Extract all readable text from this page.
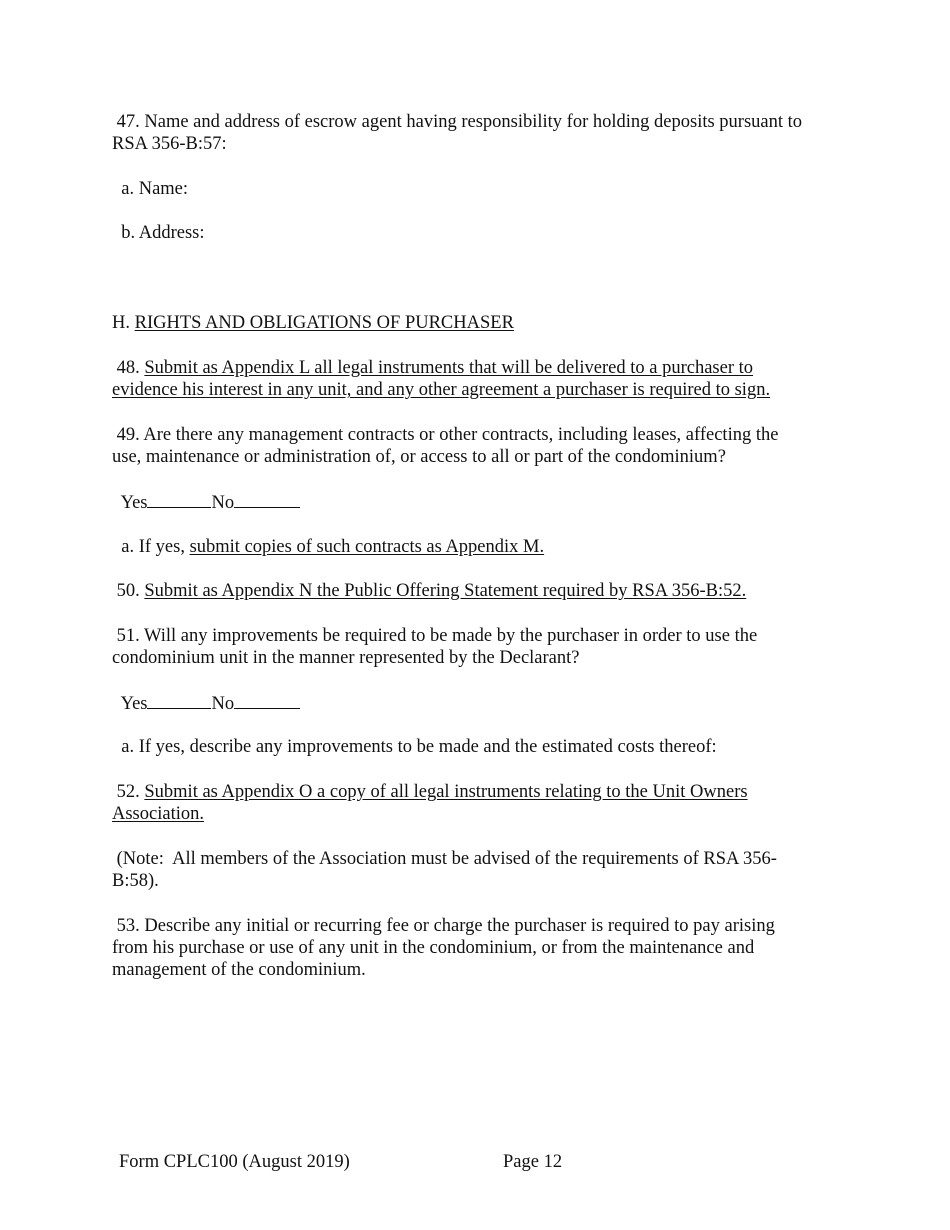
47. Name and address of escrow agent having responsibility for holding deposits pursuant to
RSA 356-B:57:
a. Name:
b. Address:
H. RIGHTS AND OBLIGATIONS OF PURCHASER
48. Submit as Appendix L all legal instruments that will be delivered to a purchaser to
evidence his interest in any unit, and any other agreement a purchaser is required to sign.
49. Are there any management contracts or other contracts, including leases, affecting the
use, maintenance or administration of, or access to all or part of the condominium?
Yes	No
a. If yes, submit copies of such contracts as Appendix M.
50. Submit as Appendix N the Public Offering Statement required by RSA 356-B:52.
51. Will any improvements be required to be made by the purchaser in order to use the
condominium unit in the manner represented by the Declarant?
Yes	No
a. If yes, describe any improvements to be made and the estimated costs thereof:
52. Submit as Appendix O a copy of all legal instruments relating to the Unit Owners
Association.
(Note:  All members of the Association must be advised of the requirements of RSA 356-
B:58).
53. Describe any initial or recurring fee or charge the purchaser is required to pay arising
from his purchase or use of any unit in the condominium, or from the maintenance and
management of the condominium.
Form CPLC100 (August 2019)	Page 12
